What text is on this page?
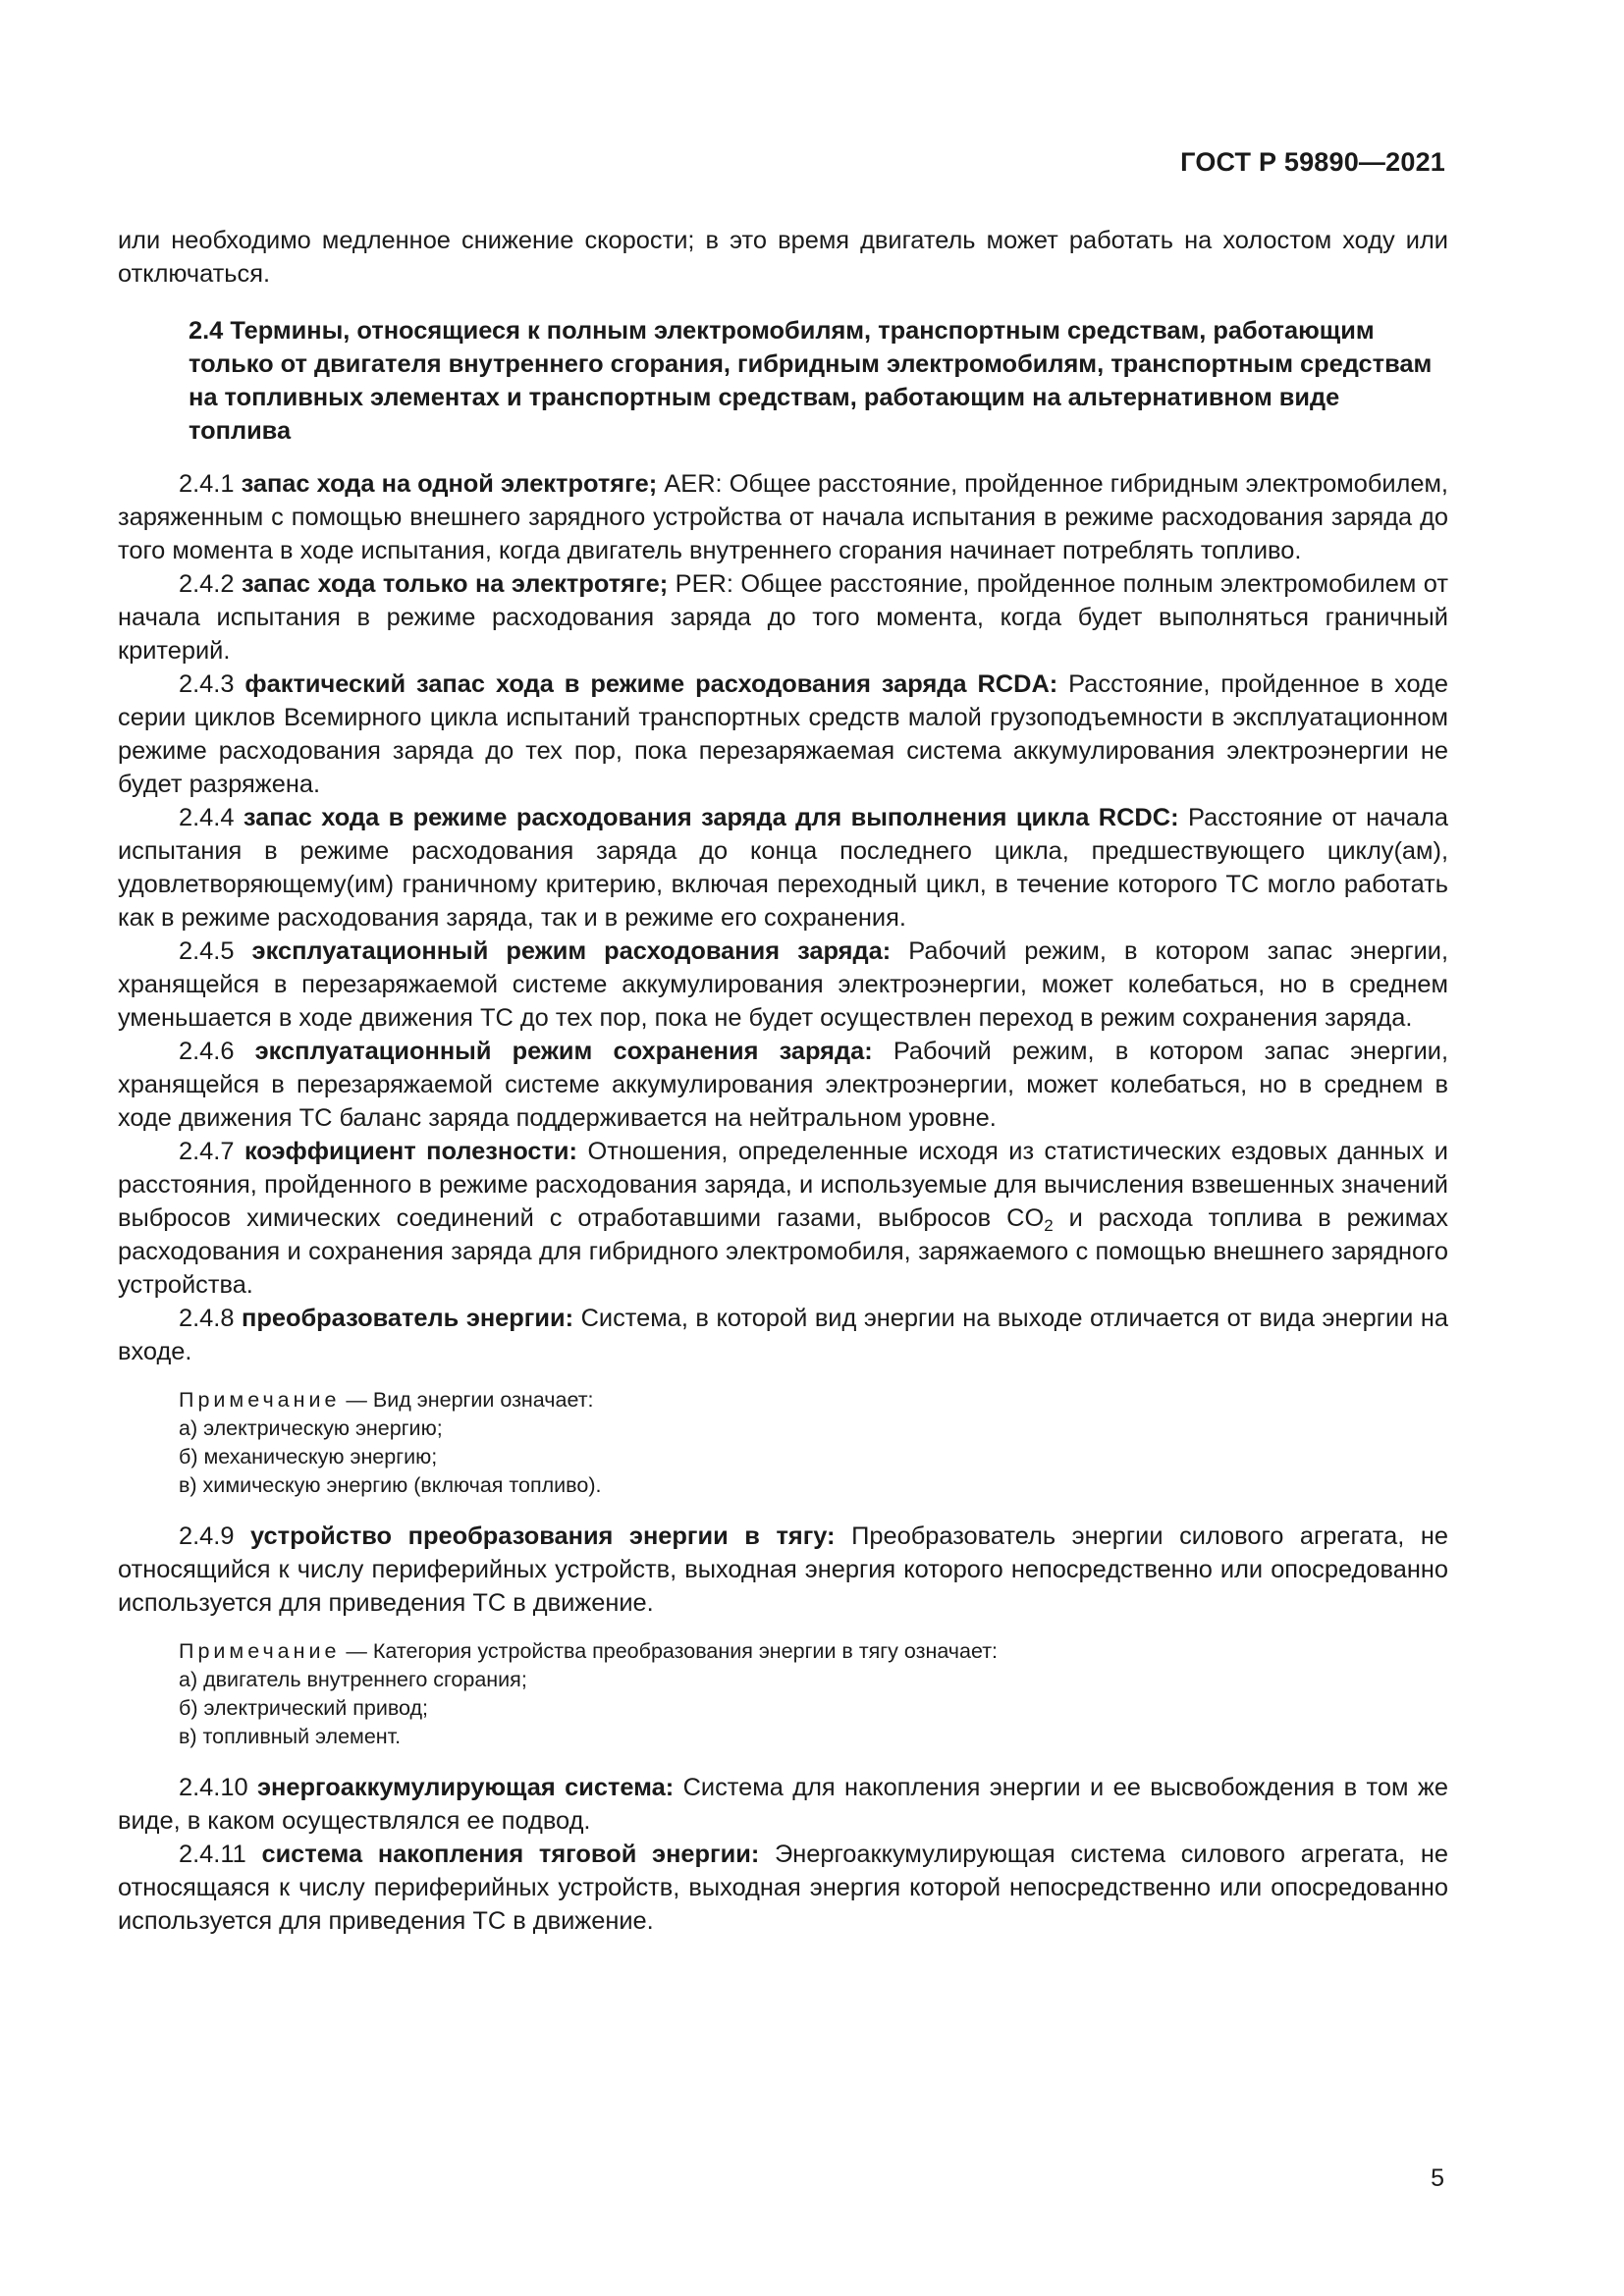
ГОСТ Р 59890—2021

или необходимо медленное снижение скорости; в это время двигатель может работать на холостом ходу или отключаться.

2.4 Термины, относящиеся к полным электромобилям, транспортным средствам, работающим только от двигателя внутреннего сгорания, гибридным электромобилям, транспортным средствам на топливных элементах и транспортным средствам, работающим на альтернативном виде топлива

2.4.1 запас хода на одной электротяге; AER: Общее расстояние, пройденное гибридным электромобилем, заряженным с помощью внешнего зарядного устройства от начала испытания в режиме расходования заряда до того момента в ходе испытания, когда двигатель внутреннего сгорания начинает потреблять топливо.

2.4.2 запас хода только на электротяге; PER: Общее расстояние, пройденное полным электромобилем от начала испытания в режиме расходования заряда до того момента, когда будет выполняться граничный критерий.

2.4.3 фактический запас хода в режиме расходования заряда RCDA: Расстояние, пройденное в ходе серии циклов Всемирного цикла испытаний транспортных средств малой грузоподъемности в эксплуатационном режиме расходования заряда до тех пор, пока перезаряжаемая система аккумулирования электроэнергии не будет разряжена.

2.4.4 запас хода в режиме расходования заряда для выполнения цикла RCDC: Расстояние от начала испытания в режиме расходования заряда до конца последнего цикла, предшествующего циклу(ам), удовлетворяющему(им) граничному критерию, включая переходный цикл, в течение которого ТС могло работать как в режиме расходования заряда, так и в режиме его сохранения.

2.4.5 эксплуатационный режим расходования заряда: Рабочий режим, в котором запас энергии, хранящейся в перезаряжаемой системе аккумулирования электроэнергии, может колебаться, но в среднем уменьшается в ходе движения ТС до тех пор, пока не будет осуществлен переход в режим сохранения заряда.

2.4.6 эксплуатационный режим сохранения заряда: Рабочий режим, в котором запас энергии, хранящейся в перезаряжаемой системе аккумулирования электроэнергии, может колебаться, но в среднем в ходе движения ТС баланс заряда поддерживается на нейтральном уровне.

2.4.7 коэффициент полезности: Отношения, определенные исходя из статистических ездовых данных и расстояния, пройденного в режиме расходования заряда, и используемые для вычисления взвешенных значений выбросов химических соединений с отработавшими газами, выбросов $CO_2$ и расхода топлива в режимах расходования и сохранения заряда для гибридного электромобиля, заряжаемого с помощью внешнего зарядного устройства.

2.4.8 преобразователь энергии: Система, в которой вид энергии на выходе отличается от вида энергии на входе.

Примечание — Вид энергии означает:
а) электрическую энергию;
б) механическую энергию;
в) химическую энергию (включая топливо).

2.4.9 устройство преобразования энергии в тягу: Преобразователь энергии силового агрегата, не относящийся к числу периферийных устройств, выходная энергия которого непосредственно или опосредованно используется для приведения ТС в движение.

Примечание — Категория устройства преобразования энергии в тягу означает:
а) двигатель внутреннего сгорания;
б) электрический привод;
в) топливный элемент.

2.4.10 энергоаккумулирующая система: Система для накопления энергии и ее высвобождения в том же виде, в каком осуществлялся ее подвод.

2.4.11 система накопления тяговой энергии: Энергоаккумулирующая система силового агрегата, не относящаяся к числу периферийных устройств, выходная энергия которой непосредственно или опосредованно используется для приведения ТС в движение.

5
